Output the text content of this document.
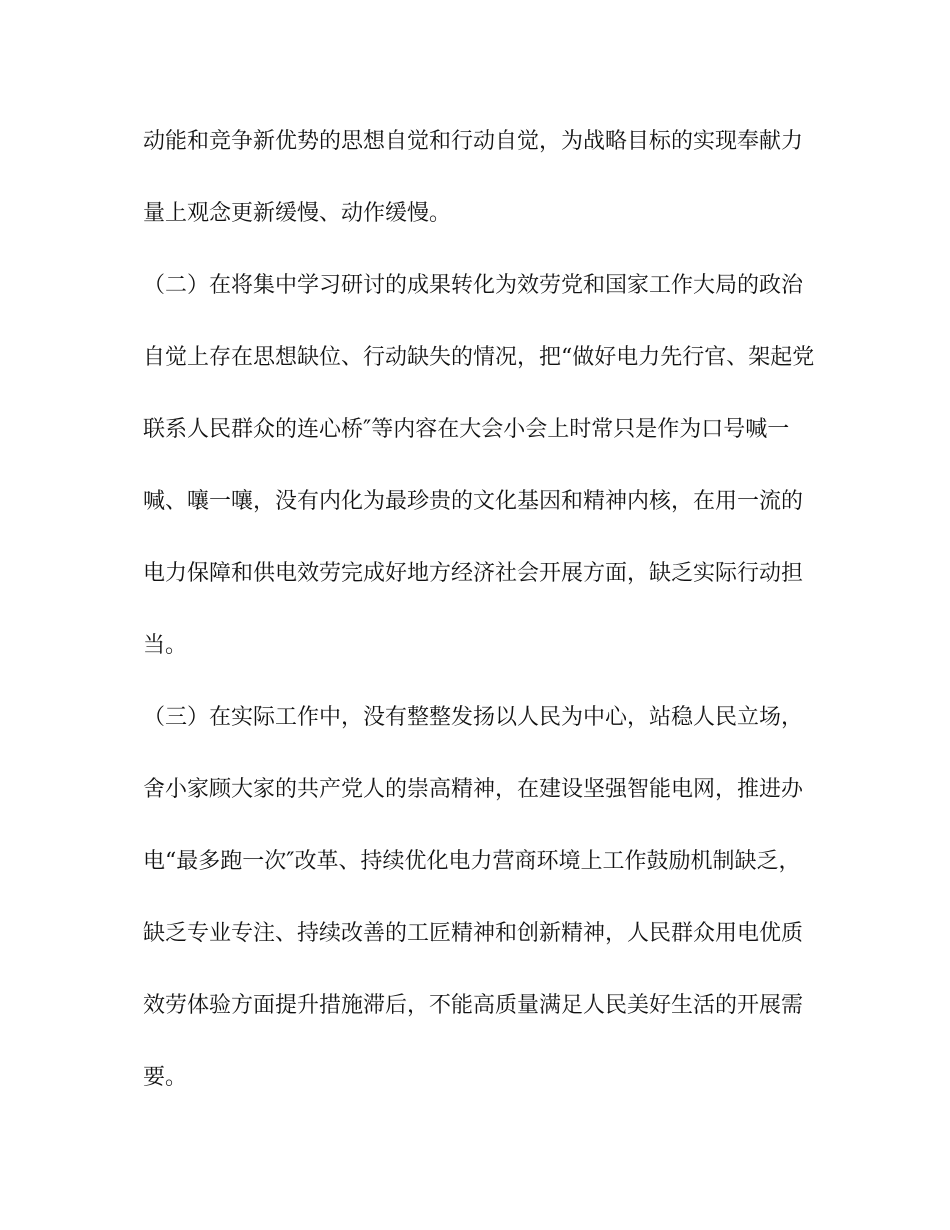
动能和竞争新优势的思想自觉和行动自觉，为战略目标的实现奉献力
量上观念更新缓慢、动作缓慢。
（二）在将集中学习研讨的成果转化为效劳党和国家工作大局的政治
自觉上存在思想缺位、行动缺失的情况，把“做好电力先行官、架起党
联系人民群众的连心桥″等内容在大会小会上时常只是作为口号喊一
喊、嚷一嚷，没有内化为最珍贵的文化基因和精神内核，在用一流的
电力保障和供电效劳完成好地方经济社会开展方面，缺乏实际行动担
当。
（三）在实际工作中，没有整整发扬以人民为中心，站稳人民立场，
舍小家顾大家的共产党人的崇高精神，在建设坚强智能电网，推进办
电“最多跑一次″改革、持续优化电力营商环境上工作鼓励机制缺乏，
缺乏专业专注、持续改善的工匠精神和创新精神，人民群众用电优质
效劳体验方面提升措施滞后，不能高质量满足人民美好生活的开展需
要。
